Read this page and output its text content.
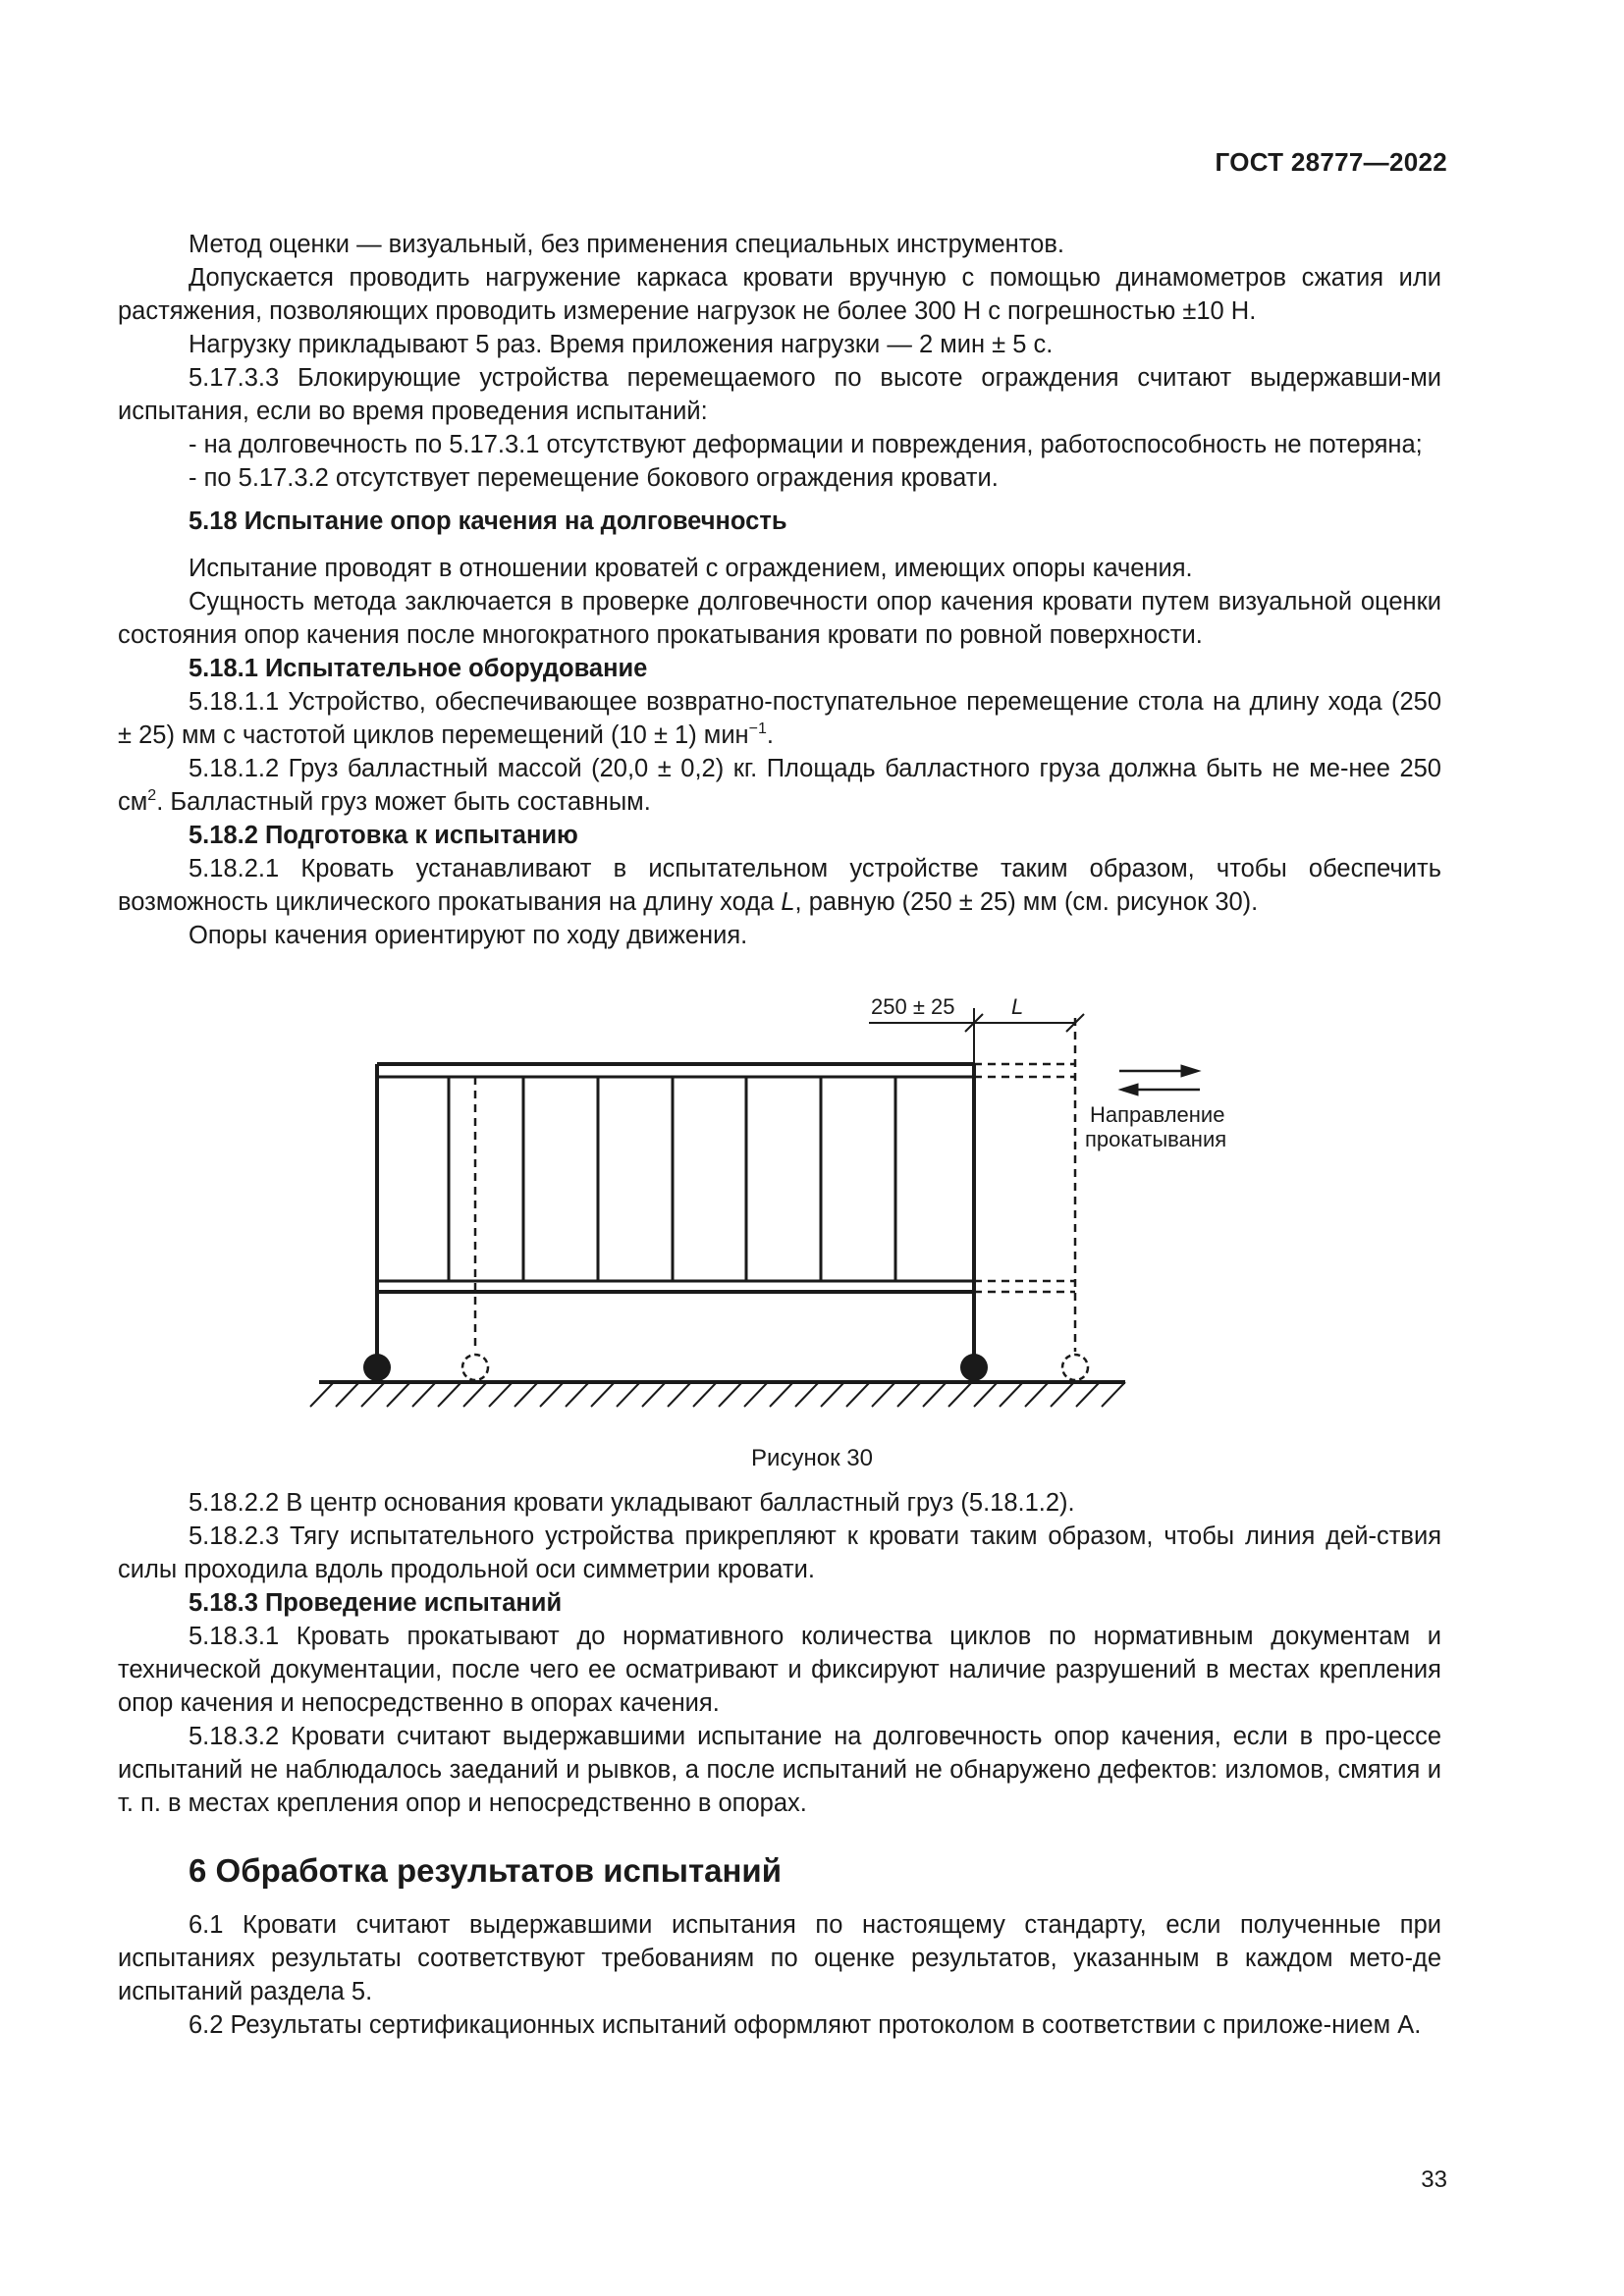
ГОСТ 28777—2022

Метод оценки — визуальный, без применения специальных инструментов.

Допускается проводить нагружение каркаса кровати вручную с помощью динамометров сжатия или растяжения, позволяющих проводить измерение нагрузок не более 300 Н с погрешностью ±10 Н.

Нагрузку прикладывают 5 раз. Время приложения нагрузки — 2 мин ± 5 с.

5.17.3.3 Блокирующие устройства перемещаемого по высоте ограждения считают выдержавши-ми испытания, если во время проведения испытаний:

- на долговечность по 5.17.3.1 отсутствуют деформации и повреждения, работоспособность не потеряна;

- по 5.17.3.2 отсутствует перемещение бокового ограждения кровати.

5.18 Испытание опор качения на долговечность

Испытание проводят в отношении кроватей с ограждением, имеющих опоры качения.

Сущность метода заключается в проверке долговечности опор качения кровати путем визуальной оценки состояния опор качения после многократного прокатывания кровати по ровной поверхности.

5.18.1 Испытательное оборудование

5.18.1.1 Устройство, обеспечивающее возвратно-поступательное перемещение стола на длину хода (250 ± 25) мм с частотой циклов перемещений (10 ± 1) мин$^{-1}$.

5.18.1.2 Груз балластный массой (20,0 ± 0,2) кг. Площадь балластного груза должна быть не ме-нее 250 $см^2$. Балластный груз может быть составным.

5.18.2 Подготовка к испытанию

5.18.2.1 Кровать устанавливают в испытательном устройстве таким образом, чтобы обеспечить возможность циклического прокатывания на длину хода L, равную (250 ± 25) мм (см. рисунок 30).

Опоры качения ориентируют по ходу движения.

250 ± 25	L
Направление
прокатывания
Рисунок 30

5.18.2.2 В центр основания кровати укладывают балластный груз (5.18.1.2).

5.18.2.3 Тягу испытательного устройства прикрепляют к кровати таким образом, чтобы линия дей-ствия силы проходила вдоль продольной оси симметрии кровати.

5.18.3 Проведение испытаний

5.18.3.1 Кровать прокатывают до нормативного количества циклов по нормативным документам и технической документации, после чего ее осматривают и фиксируют наличие разрушений в местах крепления опор качения и непосредственно в опорах качения.

5.18.3.2 Кровати считают выдержавшими испытание на долговечность опор качения, если в про-цессе испытаний не наблюдалось заеданий и рывков, а после испытаний не обнаружено дефектов: изломов, смятия и т. п. в местах крепления опор и непосредственно в опорах.

6 Обработка результатов испытаний

6.1 Кровати считают выдержавшими испытания по настоящему стандарту, если полученные при испытаниях результаты соответствуют требованиям по оценке результатов, указанным в каждом мето-де испытаний раздела 5.

6.2 Результаты сертификационных испытаний оформляют протоколом в соответствии с приложе-нием А.

33
